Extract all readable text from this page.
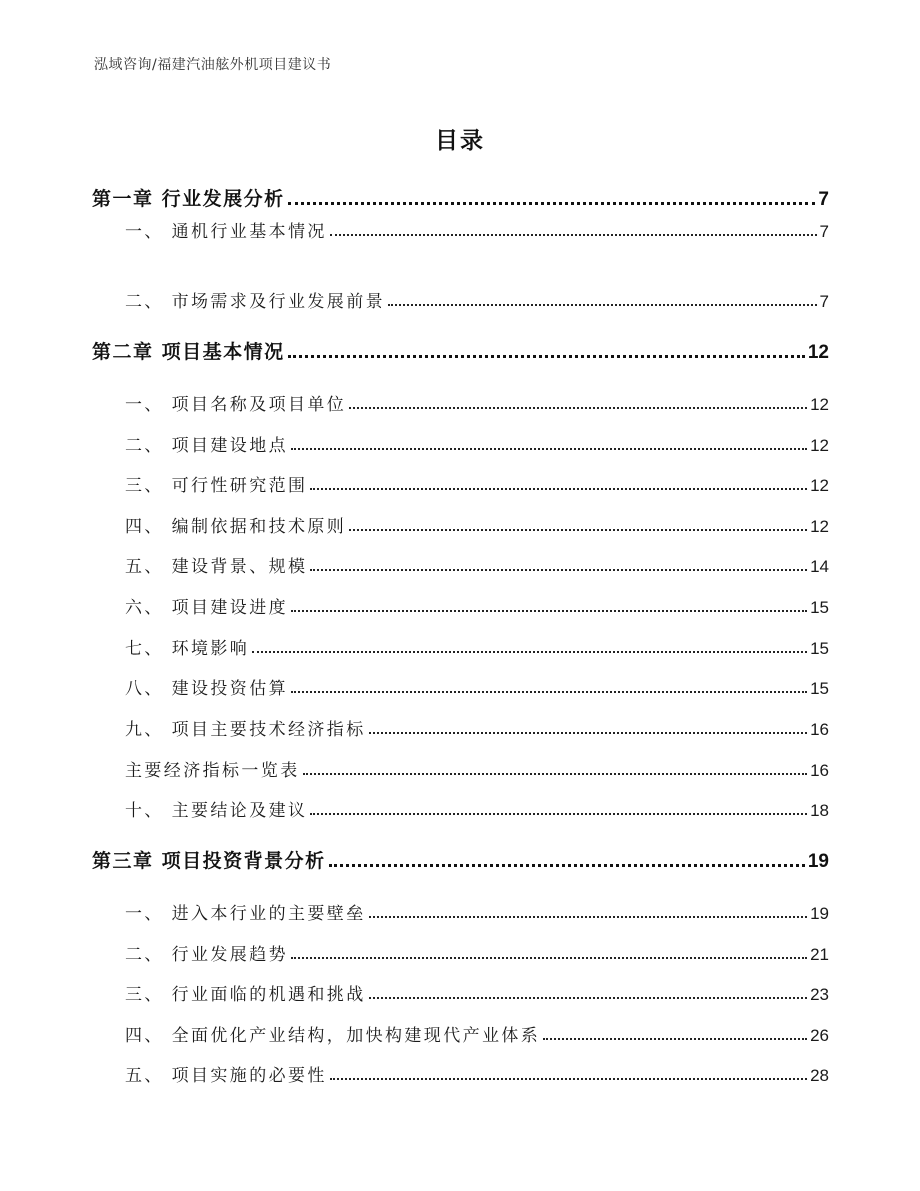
泓域咨询/福建汽油舷外机项目建议书
目录
第一章 行业发展分析	7
一、 通机行业基本情况	7
二、 市场需求及行业发展前景	7
第二章 项目基本情况	12
一、 项目名称及项目单位	12
二、 项目建设地点	12
三、 可行性研究范围	12
四、 编制依据和技术原则	12
五、 建设背景、规模	14
六、 项目建设进度	15
七、 环境影响	15
八、 建设投资估算	15
九、 项目主要技术经济指标	16
主要经济指标一览表	16
十、 主要结论及建议	18
第三章 项目投资背景分析	19
一、 进入本行业的主要壁垒	19
二、 行业发展趋势	21
三、 行业面临的机遇和挑战	23
四、 全面优化产业结构，加快构建现代产业体系	26
五、 项目实施的必要性	28
